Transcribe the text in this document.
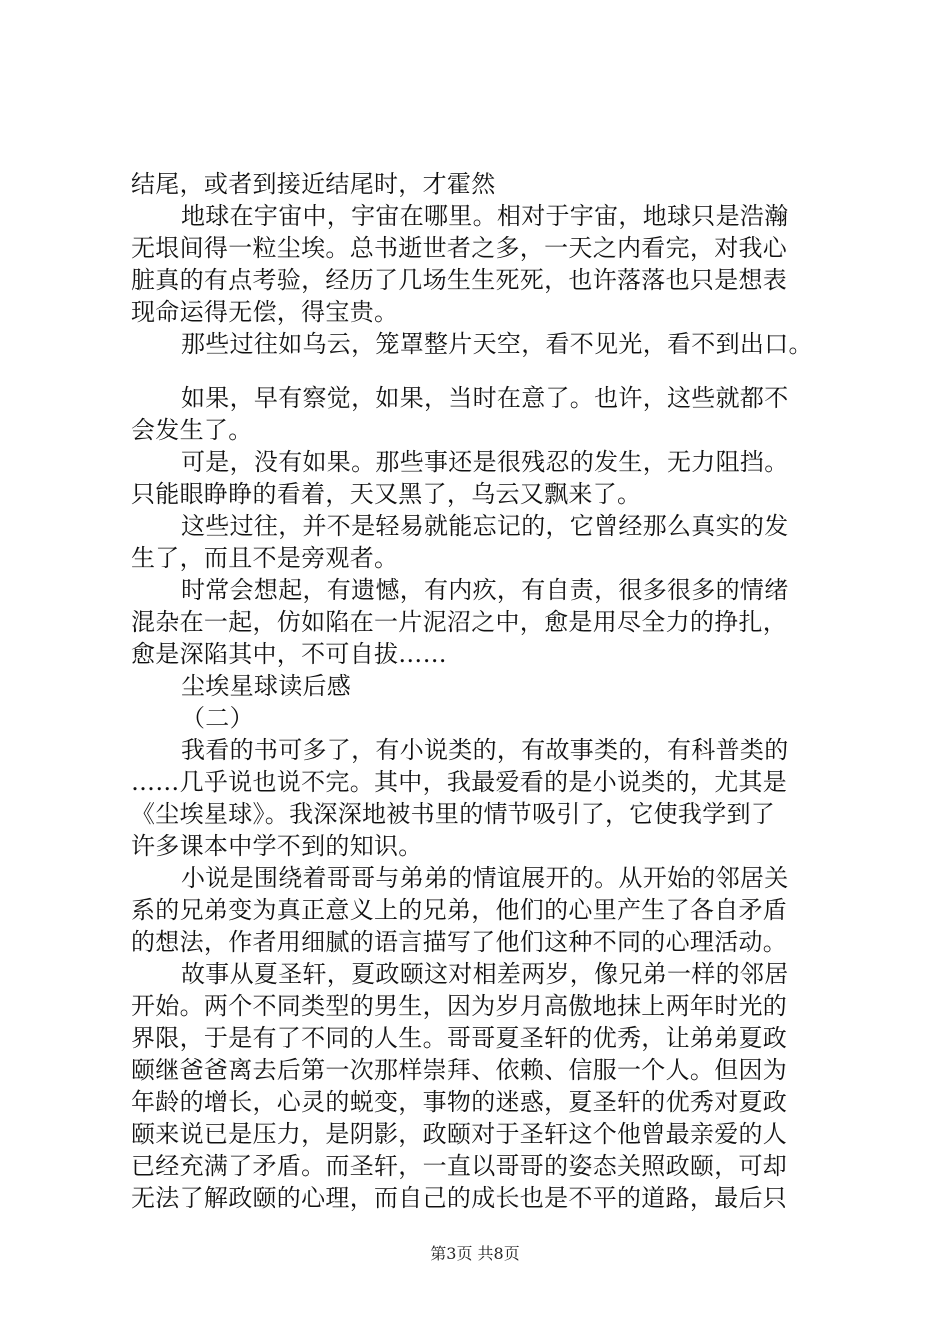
结尾，或者到接近结尾时，才霍然
地球在宇宙中，宇宙在哪里。相对于宇宙，地球只是浩瀚
无垠间得一粒尘埃。总书逝世者之多，一天之内看完，对我心
脏真的有点考验，经历了几场生生死死，也许落落也只是想表
现命运得无偿，得宝贵。
那些过往如乌云，笼罩整片天空，看不见光，看不到出口。
如果，早有察觉，如果，当时在意了。也许，这些就都不
会发生了。
可是，没有如果。那些事还是很残忍的发生，无力阻挡。
只能眼睁睁的看着，天又黑了，乌云又飘来了。
这些过往，并不是轻易就能忘记的，它曾经那么真实的发
生了，而且不是旁观者。
时常会想起，有遗憾，有内疚，有自责，很多很多的情绪
混杂在一起，仿如陷在一片泥沼之中，愈是用尽全力的挣扎，
愈是深陷其中，不可自拔……
尘埃星球读后感
（二）
我看的书可多了，有小说类的，有故事类的，有科普类的
……几乎说也说不完。其中，我最爱看的是小说类的，尤其是
《尘埃星球》。我深深地被书里的情节吸引了，它使我学到了
许多课本中学不到的知识。
小说是围绕着哥哥与弟弟的情谊展开的。从开始的邻居关
系的兄弟变为真正意义上的兄弟，他们的心里产生了各自矛盾
的想法，作者用细腻的语言描写了他们这种不同的心理活动。
故事从夏圣轩，夏政颐这对相差两岁，像兄弟一样的邻居
开始。两个不同类型的男生，因为岁月高傲地抹上两年时光的
界限，于是有了不同的人生。哥哥夏圣轩的优秀，让弟弟夏政
颐继爸爸离去后第一次那样崇拜、依赖、信服一个人。但因为
年龄的增长，心灵的蜕变，事物的迷惑，夏圣轩的优秀对夏政
颐来说已是压力，是阴影，政颐对于圣轩这个他曾最亲爱的人
已经充满了矛盾。而圣轩，一直以哥哥的姿态关照政颐，可却
无法了解政颐的心理，而自己的成长也是不平的道路，最后只
第3页 共8页
